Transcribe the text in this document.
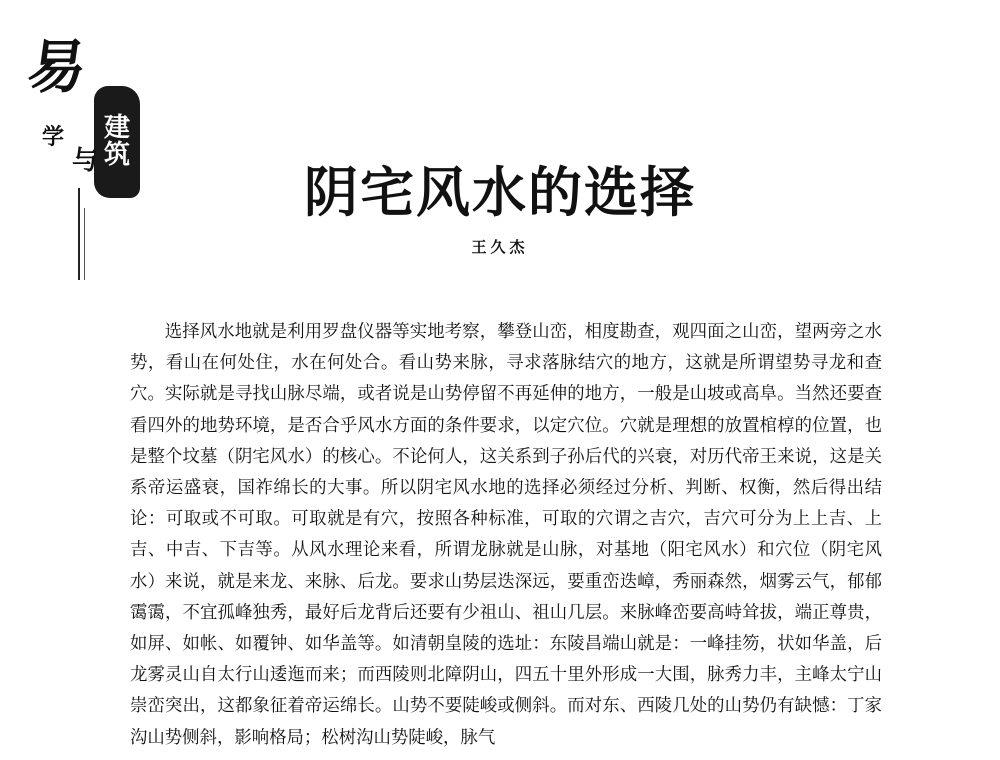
易
建
筑
学
与	阴宅风水的选择
王久杰

选择风水地就是利用罗盘仪器等实地考察，攀登山峦，相度勘查，观四面之山峦，望两旁之水势，看山在何处住，水在何处合。看山势来脉，寻求落脉结穴的地方，这就是所谓望势寻龙和查穴。实际就是寻找山脉尽端，或者说是山势停留不再延伸的地方，一般是山坡或高阜。当然还要查看四外的地势环境，是否合乎风水方面的条件要求，以定穴位。穴就是理想的放置棺椁的位置，也是整个坟墓（阴宅风水）的核心。不论何人，这关系到子孙后代的兴衰，对历代帝王来说，这是关系帝运盛衰，国祚绵长的大事。所以阴宅风水地的选择必须经过分析、判断、权衡，然后得出结论：可取或不可取。可取就是有穴，按照各种标准，可取的穴谓之吉穴，吉穴可分为上上吉、上吉、中吉、下吉等。从风水理论来看，所谓龙脉就是山脉，对基地（阳宅风水）和穴位（阴宅风水）来说，就是来龙、来脉、后龙。要求山势层迭深远，要重峦迭嶂，秀丽森然，烟雾云气，郁郁霭霭，不宜孤峰独秀，最好后龙背后还要有少祖山、祖山几层。来脉峰峦要高峙耸拔，端正尊贵，如屏、如帐、如覆钟、如华盖等。如清朝皇陵的选址：东陵昌端山就是：一峰挂笏，状如华盖，后龙雾灵山自太行山逶迤而来；而西陵则北障阴山，四五十里外形成一大围，脉秀力丰，主峰太宁山崇峦突出，这都象征着帝运绵长。山势不要陡峻或侧斜。而对东、西陵几处的山势仍有缺憾：丁家沟山势侧斜，影响格局；松树沟山势陡峻，脉气
